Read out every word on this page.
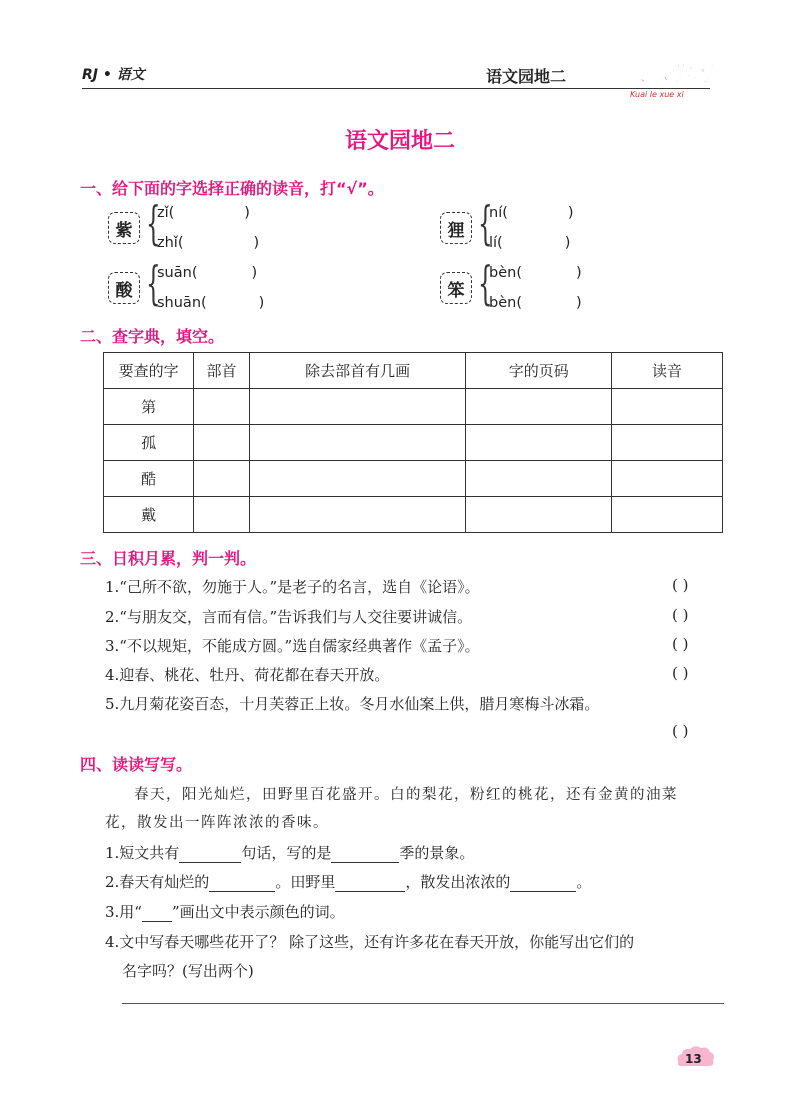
RJ • 语文	语文园地二	快乐学习
Kuai le xue xi
语文园地二
一、给下面的字选择正确的读音，打“√”。
紫 {
zǐ(	)
zhǐ(	)
狸 {
ní(	)
lí(	)
酸 {
suān(	)
shuān(	)
笨 {
bèn(	)
bèn(	)
二、查字典，填空。
要查的字	部首	除去部首有几画	字的页码	读音
第				
孤				
酷				
戴				
三、日积月累，判一判。
1.“己所不欲，勿施于人。”是老子的名言，选自《论语》。	( )
2.“与朋友交，言而有信。”告诉我们与人交往要讲诚信。	( )
3.“不以规矩，不能成方圆。”选自儒家经典著作《孟子》。	( )
4.迎春、桃花、牡丹、荷花都在春天开放。	( )
5.九月菊花姿百态，十月芙蓉正上妆。冬月水仙案上供，腊月寒梅斗冰霜。
( )
四、读读写写。
春天，阳光灿烂，田野里百花盛开。白的梨花，粉红的桃花，还有金黄的油菜
花，散发出一阵阵浓浓的香味。
1.短文共有	句话，写的是	季的景象。
2.春天有灿烂的	。田野里	，散发出浓浓的	。
3.用“ ”画出文中表示颜色的词。
4.文中写春天哪些花开了？ 除了这些，还有许多花在春天开放，你能写出它们的
名字吗？(写出两个)
13
